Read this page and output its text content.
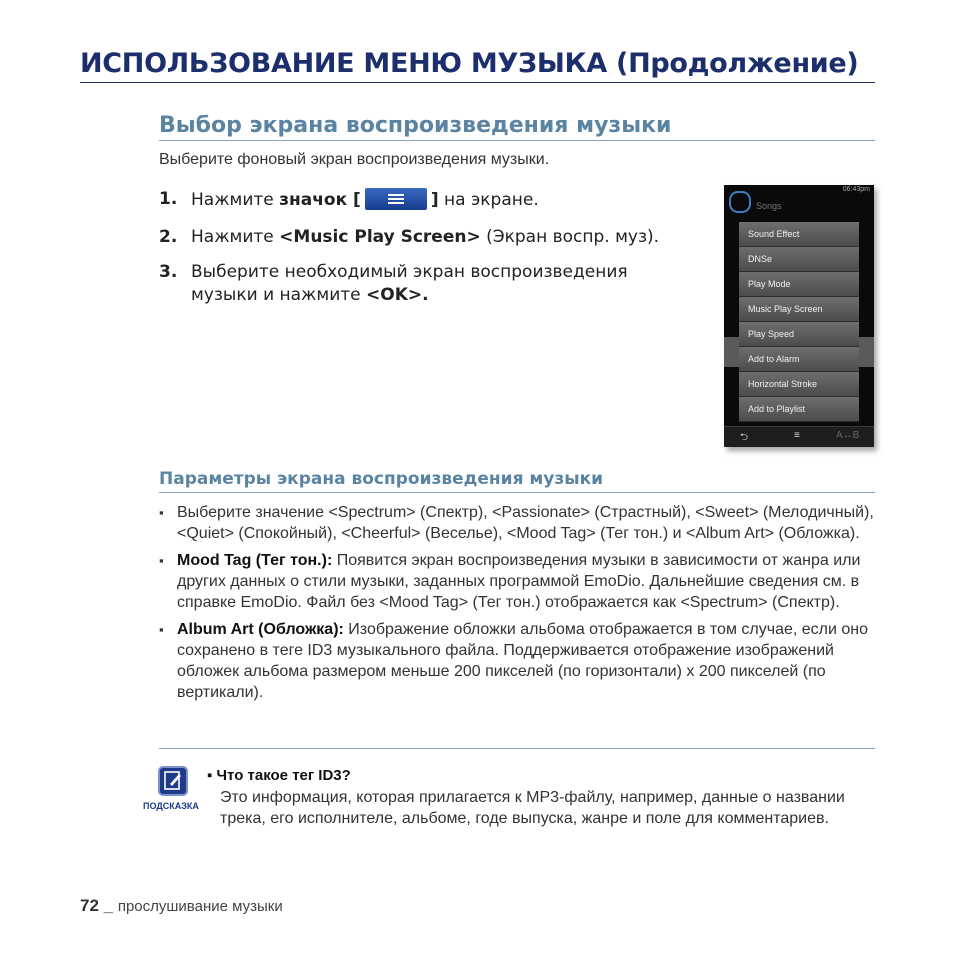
ИСПОЛЬЗОВАНИЕ МЕНЮ МУЗЫКА (Продолжение)
Выбор экрана воспроизведения музыки
Выберите фоновый экран воспроизведения музыки.
1. Нажмите значок [	] на экране.
2. Нажмите <Music Play Screen> (Экран воспр. муз).
3. Выберите необходимый экран воспроизведения музыки и нажмите <OK>.
06:43pm
Songs
Sound Effect
DNSe
Play Mode
Music Play Screen
Play Speed
Add to Alarm
Horizontal Stroke
Add to Playlist
⮌	≡	A↔B
Параметры экрана воспроизведения музыки
▪ Выберите значение <Spectrum> (Спектр), <Passionate> (Страстный), <Sweet> (Мелодичный), <Quiet> (Спокойный), <Cheerful> (Веселье), <Mood Tag> (Тег тон.) и <Album Art> (Обложка).
▪ Mood Tag (Тег тон.): Появится экран воспроизведения музыки в зависимости от жанра или других данных о стили музыки, заданных программой EmoDio. Дальнейшие сведения см. в справке EmoDio. Файл без <Mood Tag> (Тег тон.) отображается как <Spectrum> (Спектр).
▪ Album Art (Обложка): Изображение обложки альбома отображается в том случае, если оно сохранено в теге ID3 музыкального файла. Поддерживается отображение изображений обложек альбома размером меньше 200 пикселей (по горизонтали) x 200 пикселей (по вертикали).
ПОДСКАЗКА
▪ Что такое тег ID3?
Это информация, которая прилагается к MP3-файлу, например, данные о названии трека, его исполнителе, альбоме, годе выпуска, жанре и поле для комментариев.
72 _ прослушивание музыки
